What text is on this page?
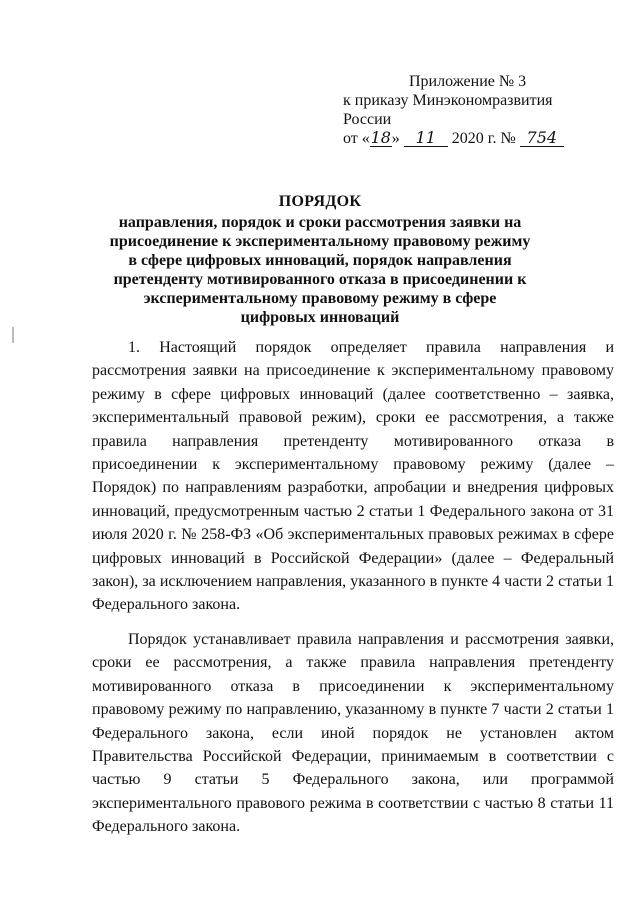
Приложение № 3
к приказу Минэкономразвития России
от «18» 11 2020 г. № 754
ПОРЯДОК
направления, порядок и сроки рассмотрения заявки на присоединение к экспериментальному правовому режиму в сфере цифровых инноваций, порядок направления претенденту мотивированного отказа в присоединении к экспериментальному правовому режиму в сфере цифровых инноваций

1. Настоящий порядок определяет правила направления и рассмотрения заявки на присоединение к экспериментальному правовому режиму в сфере цифровых инноваций (далее соответственно – заявка, экспериментальный правовой режим), сроки ее рассмотрения, а также правила направления претенденту мотивированного отказа в присоединении к экспериментальному правовому режиму (далее – Порядок) по направлениям разработки, апробации и внедрения цифровых инноваций, предусмотренным частью 2 статьи 1 Федерального закона от 31 июля 2020 г. № 258-ФЗ «Об экспериментальных правовых режимах в сфере цифровых инноваций в Российской Федерации» (далее – Федеральный закон), за исключением направления, указанного в пункте 4 части 2 статьи 1 Федерального закона.

Порядок устанавливает правила направления и рассмотрения заявки, сроки ее рассмотрения, а также правила направления претенденту мотивированного отказа в присоединении к экспериментальному правовому режиму по направлению, указанному в пункте 7 части 2 статьи 1 Федерального закона, если иной порядок не установлен актом Правительства Российской Федерации, принимаемым в соответствии с частью 9 статьи 5 Федерального закона, или программой экспериментального правового режима в соответствии с частью 8 статьи 11 Федерального закона.
